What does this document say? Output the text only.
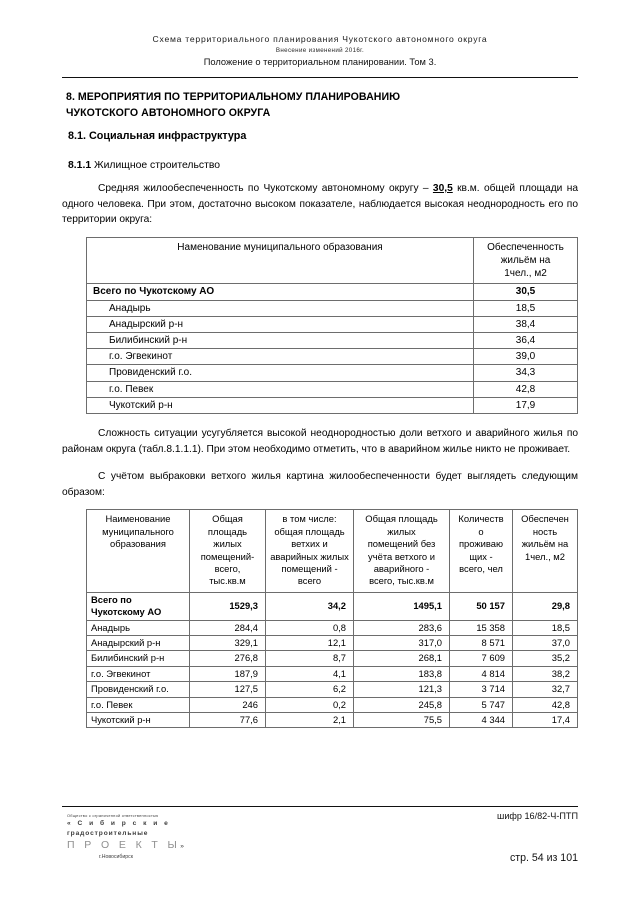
Схема территориального планирования Чукотского автономного округа
Внесение изменений 2016г.
Положение о территориальном планировании. Том 3.
8. МЕРОПРИЯТИЯ ПО ТЕРРИТОРИАЛЬНОМУ ПЛАНИРОВАНИЮ
ЧУКОТСКОГО АВТОНОМНОГО ОКРУГА
8.1. Социальная инфраструктура
8.1.1 Жилищное строительство

Средняя жилообеспеченность по Чукотскому автономному округу – 30,5 кв.м. общей площади на одного человека. При этом, достаточно высоком показателе, наблюдается высокая неоднородность его по территории округа:

Наменование муниципального образования	Обеспеченность
жильём на
1чел., м2
Всего по Чукотскому АО	30,5
Анадырь	18,5
Анадырский р-н	38,4
Билибинский р-н	36,4
г.о. Эгвекинот	39,0
Провиденский г.о.	34,3
г.о. Певек	42,8
Чукотский р-н	17,9

Сложность ситуации усугубляется высокой неоднородностью доли ветхого и аварийного жилья по районам округа (табл.8.1.1.1). При этом необходимо отметить, что в аварийном жилье никто не проживает.

С учётом выбраковки ветхого жилья картина жилообеспеченности будет выглядеть следующим образом:

Наименование
муниципального
образования	Общая
площадь
жилых
помещений-
всего,
тыс.кв.м	в том числе:
общая площадь
ветхих и
аварийных жилых
помещений -
всего	Общая площадь
жилых
помещений без
учёта ветхого и
аварийного -
всего, тыс.кв.м	Количеств
о
проживаю
щих -
всего, чел	Обеспечен
ность
жильём на
1чел., м2
Всего по
Чукотскому АО	1529,3	34,2	1495,1	50 157	29,8
Анадырь	284,4	0,8	283,6	15 358	18,5
Анадырский р-н	329,1	12,1	317,0	8 571	37,0
Билибинский р-н	276,8	8,7	268,1	7 609	35,2
г.о. Эгвекинот	187,9	4,1	183,8	4 814	38,2
Провиденский г.о.	127,5	6,2	121,3	3 714	32,7
г.о. Певек	246	0,2	245,8	5 747	42,8
Чукотский р-н	77,6	2,1	75,5	4 344	17,4
Общество с ограниченной ответственностью
« С и б и р с к и е
градостроительные
П Р О Е К Т Ы»
г.Новосибирск
шифр 16/82-Ч-ПТП
стр. 54 из 101
